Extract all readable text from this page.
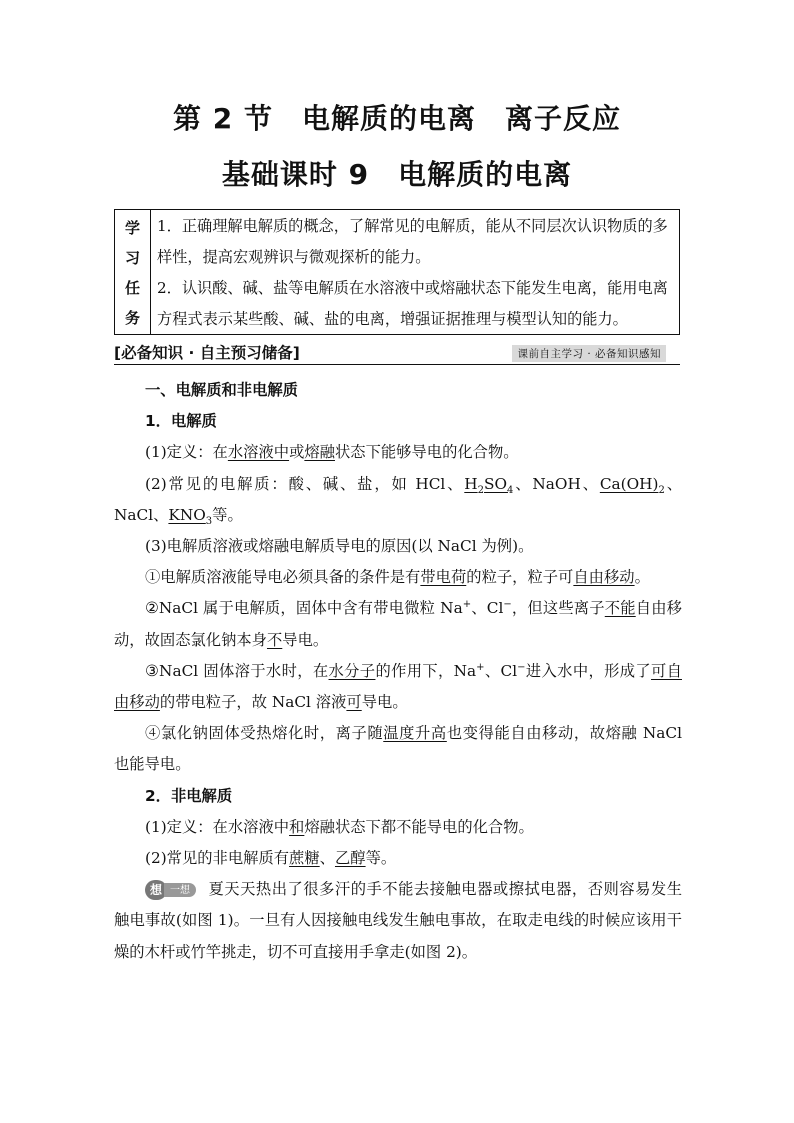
第 2 节　电解质的电离　离子反应
基础课时 9　电解质的电离
学
习
任
务

1．正确理解电解质的概念，了解常见的电解质，能从不同层次认识物质的多样性，提高宏观辨识与微观探析的能力。

2．认识酸、碱、盐等电解质在水溶液中或熔融状态下能发生电离，能用电离方程式表示某些酸、碱、盐的电离，增强证据推理与模型认知的能力。

[必备知识 · 自主预习储备]	课前自主学习 · 必备知识感知

一、电解质和非电解质

1．电解质

(1)定义：在水溶液中或熔融状态下能够导电的化合物。

(2)常见的电解质：酸、碱、盐，如 HCl、$H_2SO_4$、NaOH、$Ca(OH)_2$、NaCl、$KNO_3$等。

(3)电解质溶液或熔融电解质导电的原因(以 NaCl 为例)。

①电解质溶液能导电必须具备的条件是有带电荷的粒子，粒子可自由移动。

②NaCl 属于电解质，固体中含有带电微粒 Na+、Cl−，但这些离子不能自由移动，故固态氯化钠本身不导电。

③NaCl 固体溶于水时，在水分子的作用下，Na+、Cl−进入水中，形成了可自由移动的带电粒子，故 NaCl 溶液可导电。

④氯化钠固体受热熔化时，离子随温度升高也变得能自由移动，故熔融 NaCl 也能导电。

2．非电解质

(1)定义：在水溶液中和熔融状态下都不能导电的化合物。

(2)常见的非电解质有蔗糖、乙醇等。

想 一想	夏天天热出了很多汗的手不能去接触电器或擦拭电器，否则容易发生触电事故(如图 1)。一旦有人因接触电线发生触电事故，在取走电线的时候应该用干燥的木杆或竹竿挑走，切不可直接用手拿走(如图 2)。
